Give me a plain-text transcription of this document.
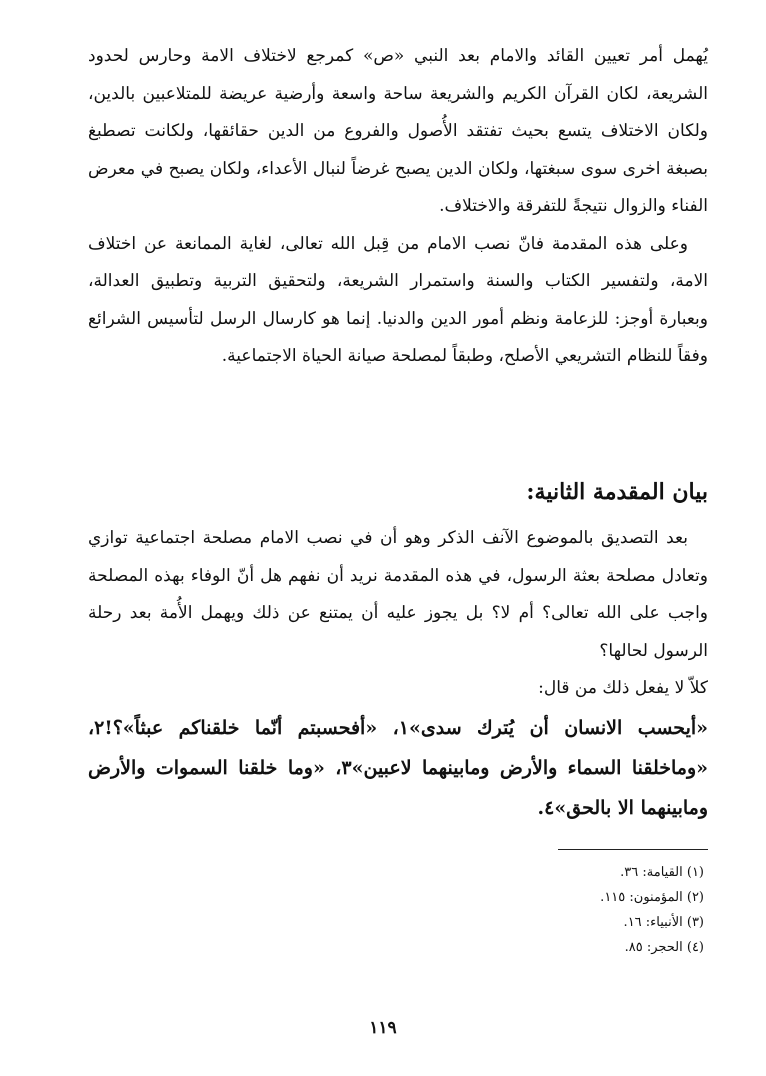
يُهمل أمر تعيين القائد والامام بعد النبي «ص» كمرجع لاختلاف الامة وحارس لحدود الشريعة، لكان القرآن الكريم والشريعة ساحة واسعة وأرضية عريضة للمتلاعبين بالدين، ولكان الاختلاف يتسع بحيث تفتقد الأُصول والفروع من الدين حقائقها، ولكانت تصطبغ بصبغة اخرى سوى سبغتها، ولكان الدين يصبح غرضاً لنبال الأعداء، ولكان يصبح في معرض الفناء والزوال نتيجةً للتفرقة والاختلاف.

وعلى هذه المقدمة فانّ نصب الامام من قِبل الله تعالى، لغاية الممانعة عن اختلاف الامة، ولتفسير الكتاب والسنة واستمرار الشريعة، ولتحقيق التربية وتطبيق العدالة، وبعبارة أوجز: للزعامة ونظم أمور الدين والدنيا. إنما هو كارسال الرسل لتأسيس الشرائع وفقاً للنظام التشريعي الأصلح، وطبقاً لمصلحة صيانة الحياة الاجتماعية.

بيان المقدمة الثانية:

بعد التصديق بالموضوع الآنف الذكر وهو أن في نصب الامام مصلحة اجتماعية توازي وتعادل مصلحة بعثة الرسول، في هذه المقدمة نريد أن نفهم هل أنّ الوفاء بهذه المصلحة واجب على الله تعالى؟ أم لا؟ بل يجوز عليه أن يمتنع عن ذلك ويهمل الأُمة بعد رحلة الرسول لحالها؟

كلاّ لا يفعل ذلك من قال:

«أيحسب الانسان أن يُترك سدى»١، «أفحسبتم أنّما خلقناكم عبثاً»؟!٢، «وماخلقنا السماء والأرض ومابينهما لاعبين»٣، «وما خلقنا السموات والأرض ومابينهما الا بالحق»٤.

(١) القيامة: ٣٦.
(٢) المؤمنون: ١١٥.
(٣) الأنبياء: ١٦.
(٤) الحجر: ٨٥.
١١٩
